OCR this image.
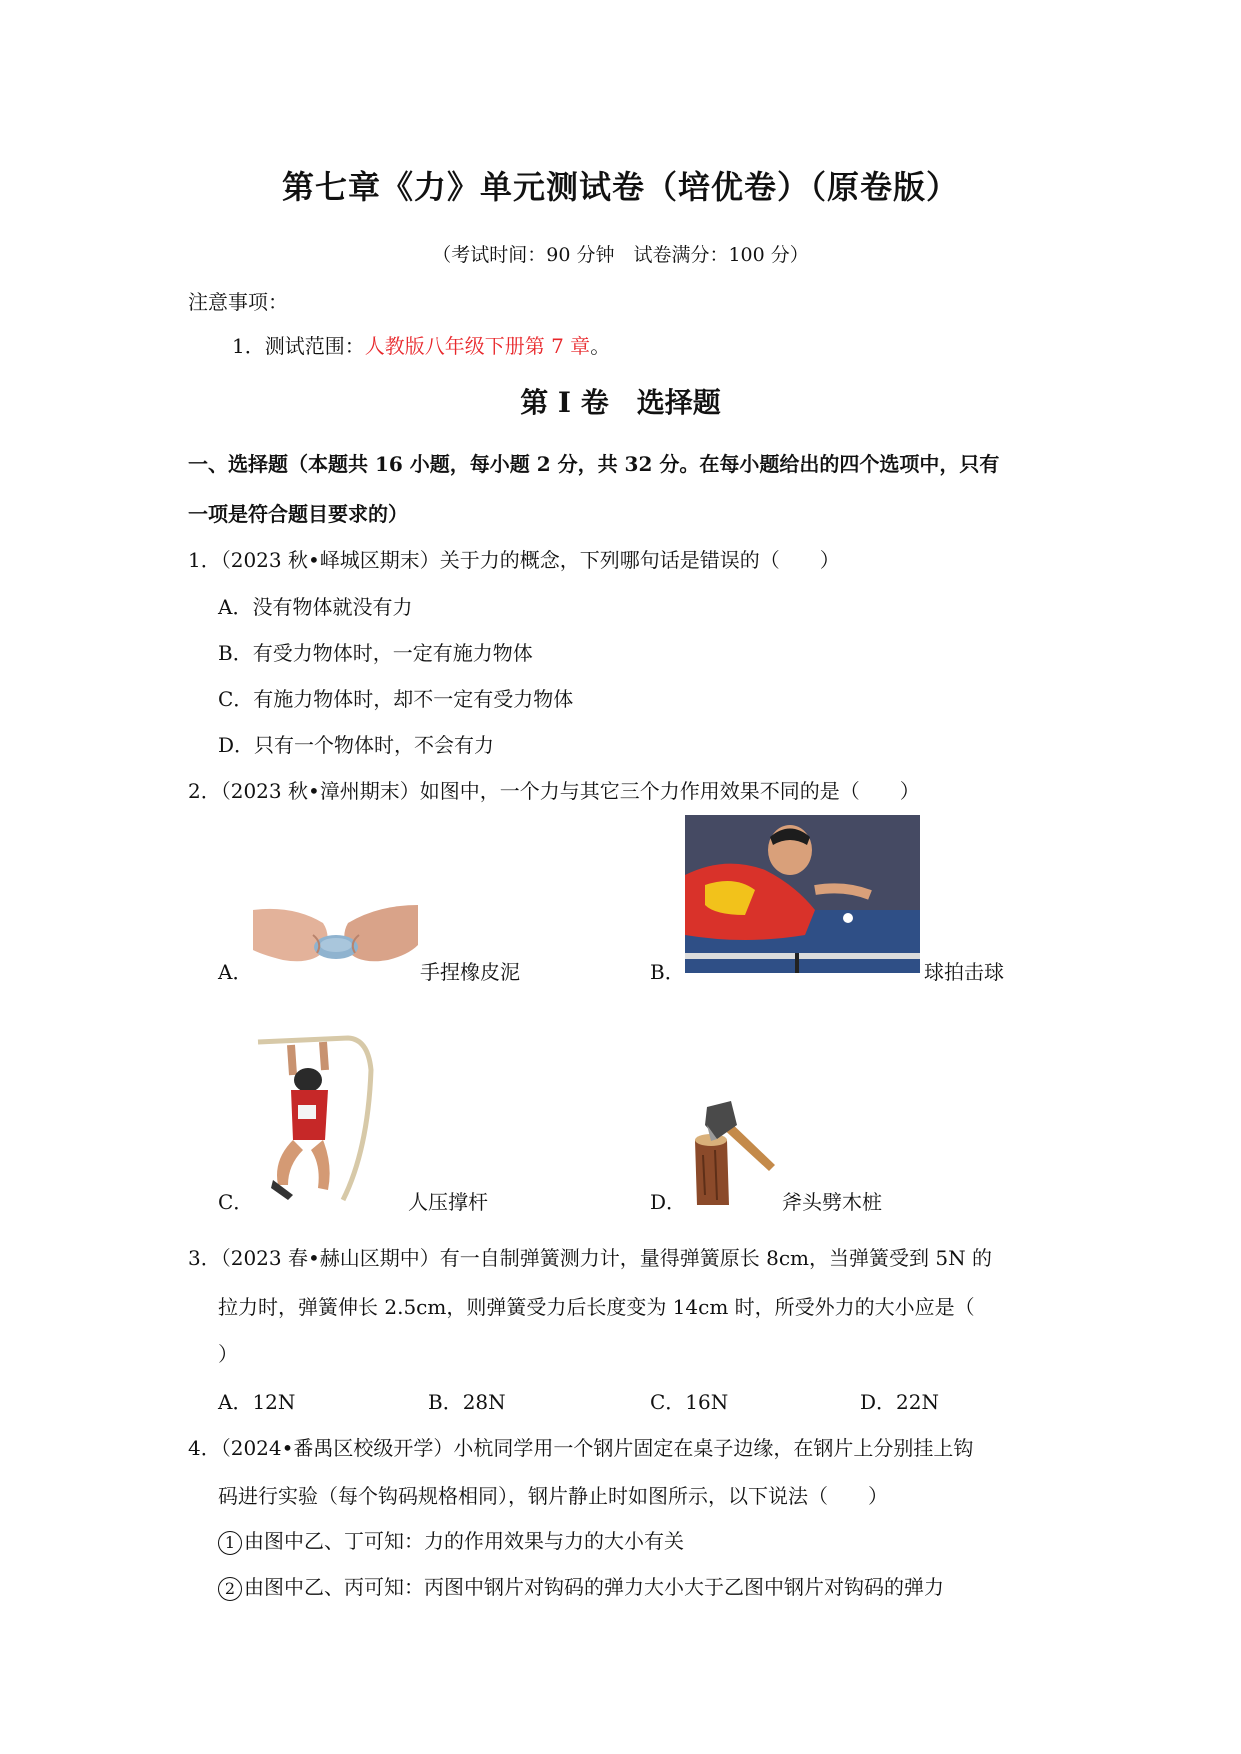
第七章《力》单元测试卷（培优卷）（原卷版）
（考试时间：90 分钟　试卷满分：100 分）
注意事项：
1．测试范围：人教版八年级下册第 7 章。
第 I 卷　选择题
一、选择题（本题共 16 小题，每小题 2 分，共 32 分。在每小题给出的四个选项中，只有
一项是符合题目要求的）
1．（2023 秋•峄城区期末）关于力的概念，下列哪句话是错误的（　　）
A．没有物体就没有力
B．有受力物体时，一定有施力物体
C．有施力物体时，却不一定有受力物体
D．只有一个物体时，不会有力
2．（2023 秋•漳州期末）如图中，一个力与其它三个力作用效果不同的是（　　）
A．	手捏橡皮泥	B．	球拍击球
C．	人压撑杆	D．	斧头劈木桩
3．（2023 春•赫山区期中）有一自制弹簧测力计，量得弹簧原长 8cm，当弹簧受到 5N 的
拉力时，弹簧伸长 2.5cm，则弹簧受力后长度变为 14cm 时，所受外力的大小应是（
）
A．12N	B．28N	C．16N	D．22N
4．（2024•番禺区校级开学）小杭同学用一个钢片固定在桌子边缘，在钢片上分别挂上钩
码进行实验（每个钩码规格相同），钢片静止时如图所示，以下说法（　　）
1 由图中乙、丁可知：力的作用效果与力的大小有关
2 由图中乙、丙可知：丙图中钢片对钩码的弹力大小大于乙图中钢片对钩码的弹力
